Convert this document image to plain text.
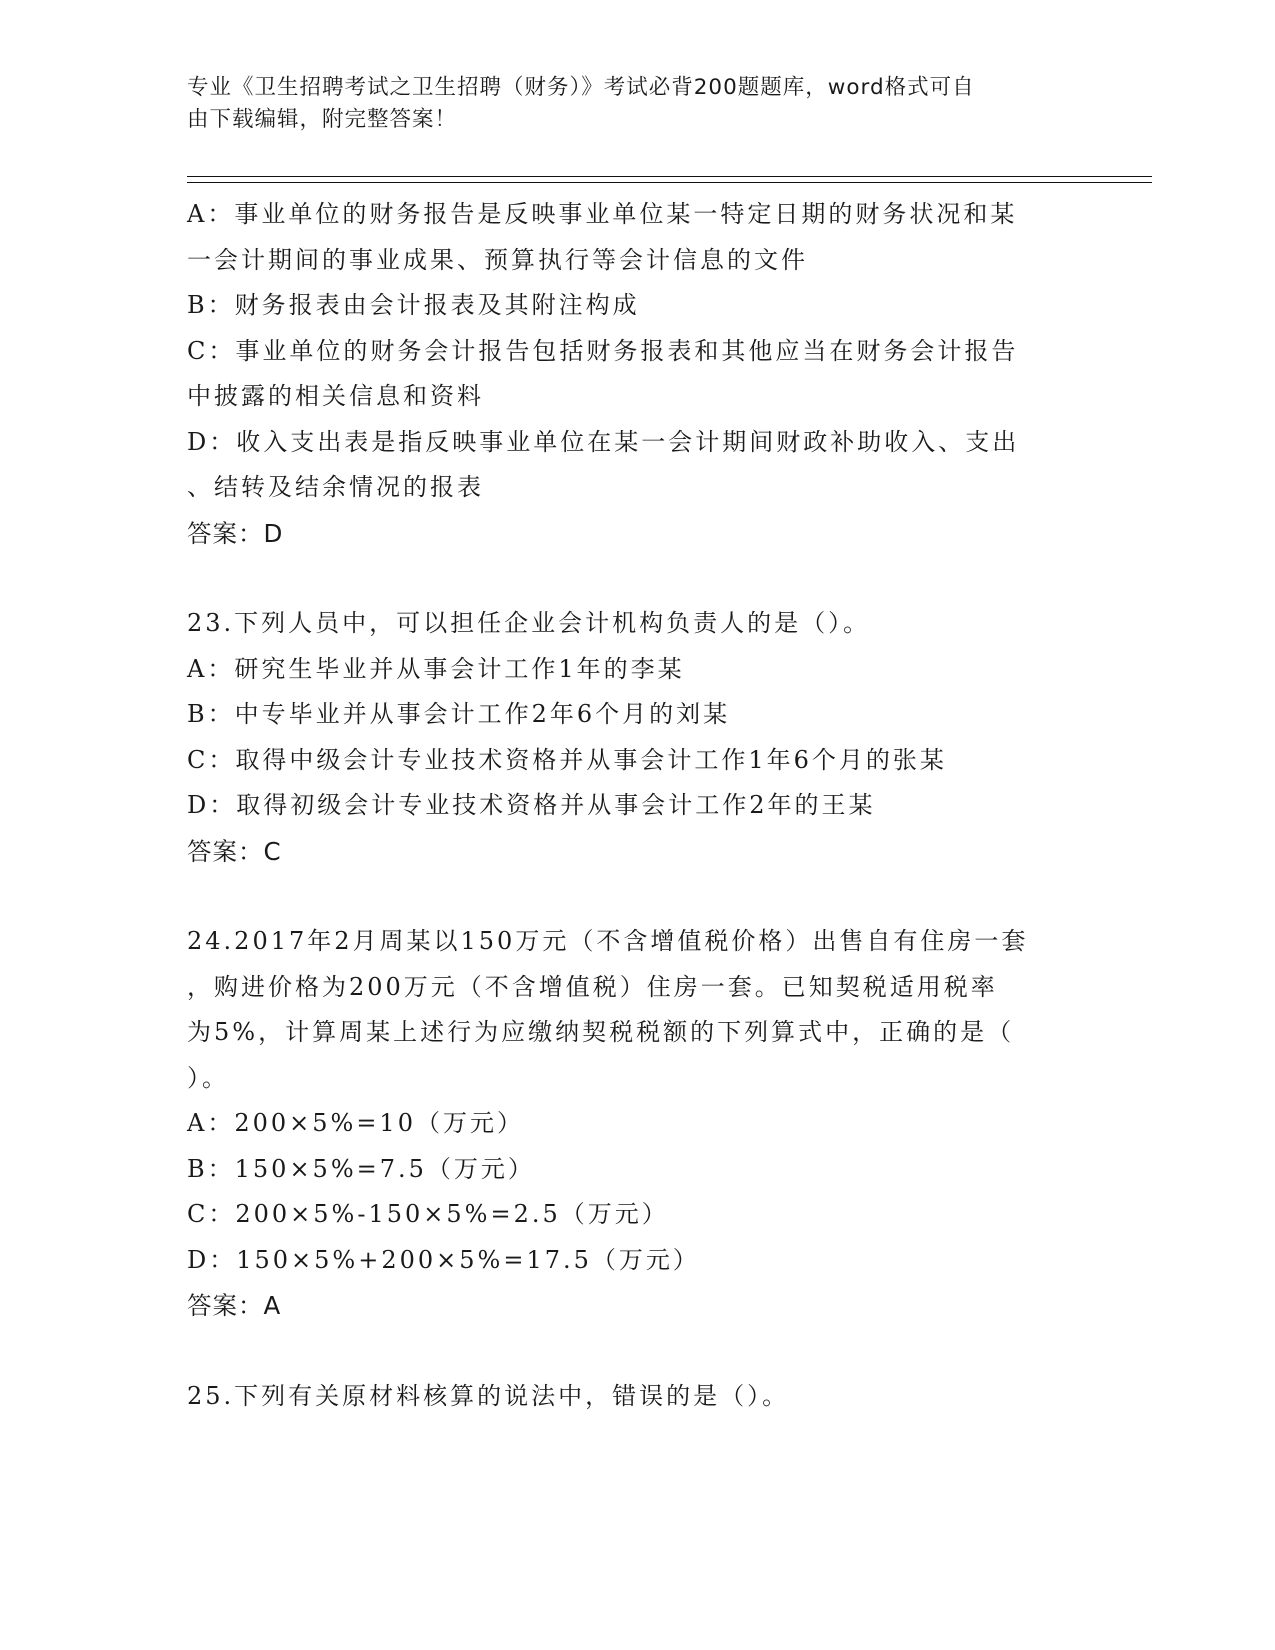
专业《卫生招聘考试之卫生招聘（财务）》考试必背200题题库，word格式可自
由下载编辑，附完整答案！
A：事业单位的财务报告是反映事业单位某一特定日期的财务状况和某
一会计期间的事业成果、预算执行等会计信息的文件
B：财务报表由会计报表及其附注构成
C：事业单位的财务会计报告包括财务报表和其他应当在财务会计报告
中披露的相关信息和资料
D：收入支出表是指反映事业单位在某一会计期间财政补助收入、支出
、结转及结余情况的报表
答案：D
23.下列人员中，可以担任企业会计机构负责人的是（）。
A：研究生毕业并从事会计工作1年的李某
B：中专毕业并从事会计工作2年6个月的刘某
C：取得中级会计专业技术资格并从事会计工作1年6个月的张某
D：取得初级会计专业技术资格并从事会计工作2年的王某
答案：C
24.2017年2月周某以150万元（不含增值税价格）出售自有住房一套
，购进价格为200万元（不含增值税）住房一套。已知契税适用税率
为5%，计算周某上述行为应缴纳契税税额的下列算式中，正确的是（
）。
A：200×5%=10（万元）
B：150×5%=7.5（万元）
C：200×5%-150×5%=2.5（万元）
D：150×5%+200×5%=17.5（万元）
答案：A
25.下列有关原材料核算的说法中，错误的是（）。
